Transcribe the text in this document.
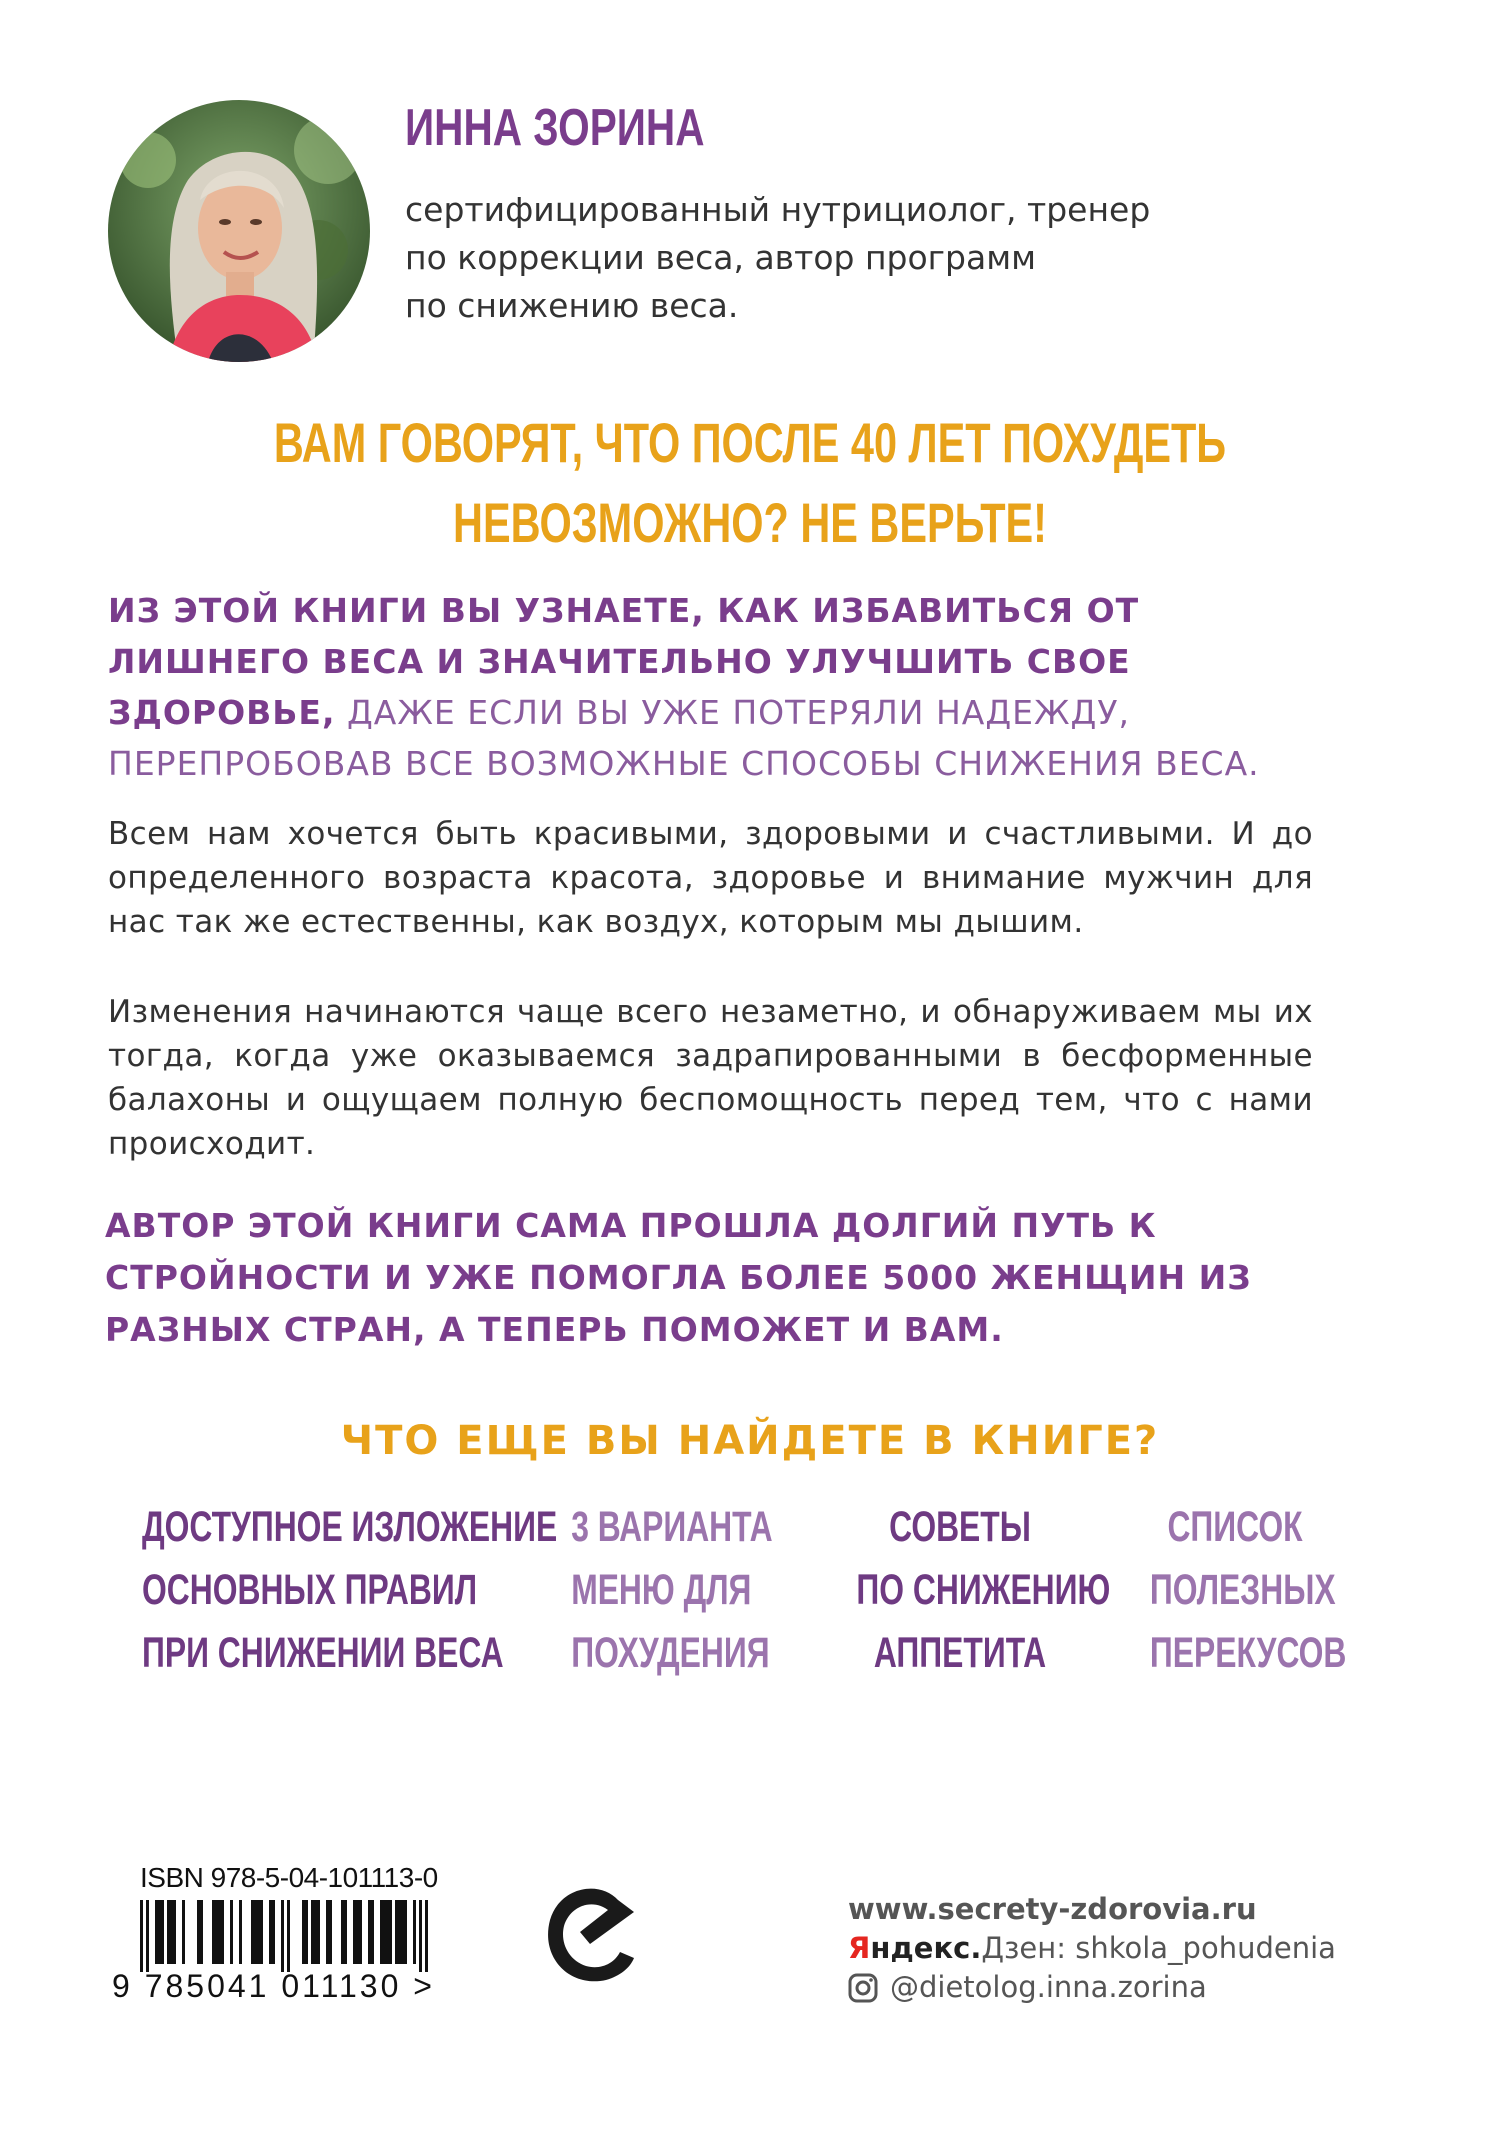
ИННА ЗОРИНА
сертифицированный нутрициолог, тренер
по коррекции веса, автор программ
по снижению веса.
ВАМ ГОВОРЯТ, ЧТО ПОСЛЕ 40 ЛЕТ ПОХУДЕТЬ
НЕВОЗМОЖНО? НЕ ВЕРЬТЕ!
ИЗ ЭТОЙ КНИГИ ВЫ УЗНАЕТЕ, КАК ИЗБАВИТЬСЯ ОТ ЛИШНЕГО ВЕСА И ЗНАЧИТЕЛЬНО УЛУЧШИТЬ СВОЕ ЗДОРОВЬЕ, ДАЖЕ ЕСЛИ ВЫ УЖЕ ПОТЕРЯЛИ НАДЕЖДУ, ПЕРЕПРОБОВАВ ВСЕ ВОЗМОЖНЫЕ СПОСОБЫ СНИЖЕНИЯ ВЕСА.
Всем нам хочется быть красивыми, здоровыми и счастливыми. И до определенного возраста красота, здоровье и внимание мужчин для нас так же естественны, как воздух, которым мы дышим.
Изменения начинаются чаще всего незаметно, и обнаруживаем мы их тогда, когда уже оказываемся задрапированными в бесформенные балахоны и ощущаем полную беспомощность перед тем, что с нами происходит.
АВТОР ЭТОЙ КНИГИ САМА ПРОШЛА ДОЛГИЙ ПУТЬ К СТРОЙНОСТИ И УЖЕ ПОМОГЛА БОЛЕЕ 5000 ЖЕНЩИН ИЗ РАЗНЫХ СТРАН, А ТЕПЕРЬ ПОМОЖЕТ И ВАМ.
ЧТО ЕЩЕ ВЫ НАЙДЕТЕ В КНИГЕ?
ДОСТУПНОЕ ИЗЛОЖЕНИЕ
ОСНОВНЫХ ПРАВИЛ
ПРИ СНИЖЕНИИ ВЕСА
3 ВАРИАНТА
МЕНЮ ДЛЯ
ПОХУДЕНИЯ
СОВЕТЫ
ПО СНИЖЕНИЮ
АППЕТИТА
СПИСОК
ПОЛЕЗНЫХ
ПЕРЕКУСОВ
ISBN 978-5-04-101113-0
9 785041 011130 >
www.secrety-zdorovia.ru
Яндекс.Дзен: shkola_pohudenia
@dietolog.inna.zorina
